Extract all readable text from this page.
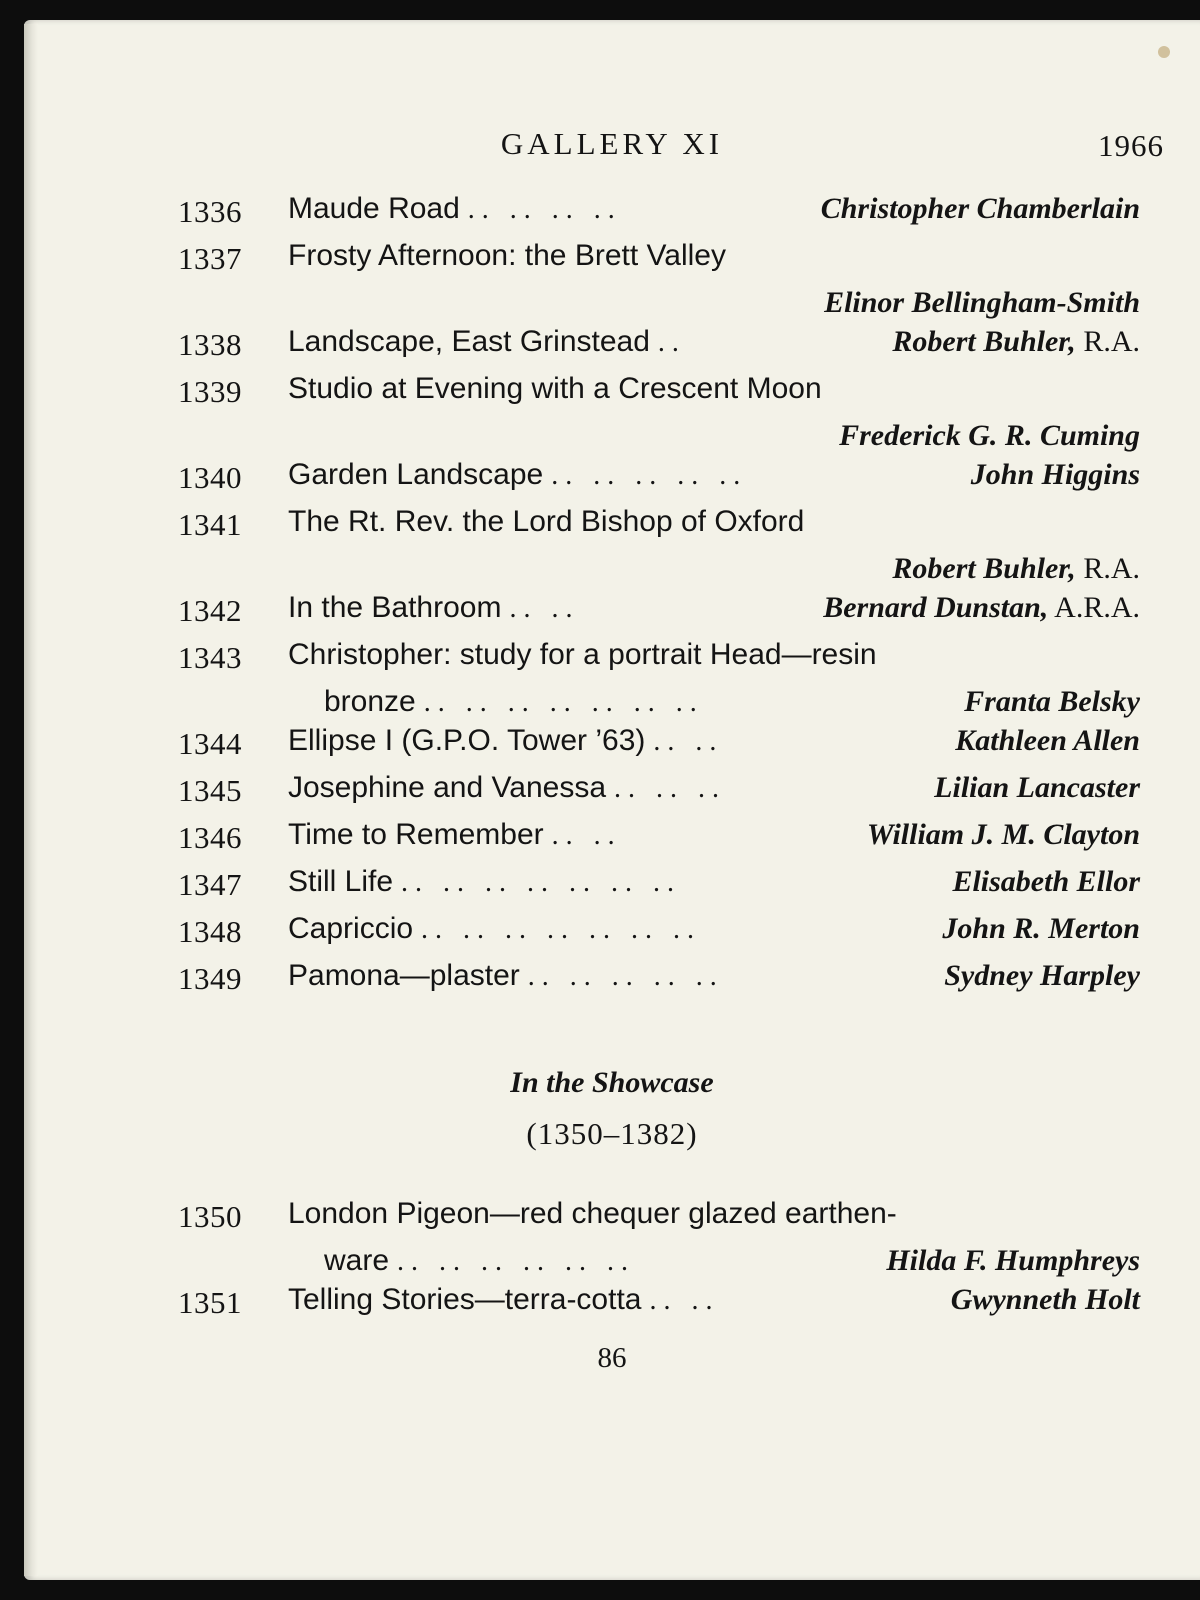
GALLERY XI	1966
1336	Maude Road .. .. .. ..	Christopher Chamberlain
1337	Frosty Afternoon: the Brett Valley
Elinor Bellingham-Smith
1338	Landscape, East Grinstead ..	Robert Buhler, R.A.
1339	Studio at Evening with a Crescent Moon
Frederick G. R. Cuming
1340	Garden Landscape .. .. .. .. ..	John Higgins
1341	The Rt. Rev. the Lord Bishop of Oxford
Robert Buhler, R.A.
1342	In the Bathroom .. ..	Bernard Dunstan, A.R.A.
1343	Christopher: study for a portrait Head—resin
bronze .. .. .. .. .. .. ..	Franta Belsky
1344	Ellipse I (G.P.O. Tower ’63) .. ..	Kathleen Allen
1345	Josephine and Vanessa .. .. ..	Lilian Lancaster
1346	Time to Remember .. ..	William J. M. Clayton
1347	Still Life .. .. .. .. .. .. ..	Elisabeth Ellor
1348	Capriccio .. .. .. .. .. .. ..	John R. Merton
1349	Pamona—plaster .. .. .. .. ..	Sydney Harpley
In the Showcase
(1350–1382)
1350	London Pigeon—red chequer glazed earthen-
ware .. .. .. .. .. ..	Hilda F. Humphreys
1351	Telling Stories—terra-cotta .. ..	Gwynneth Holt
86
